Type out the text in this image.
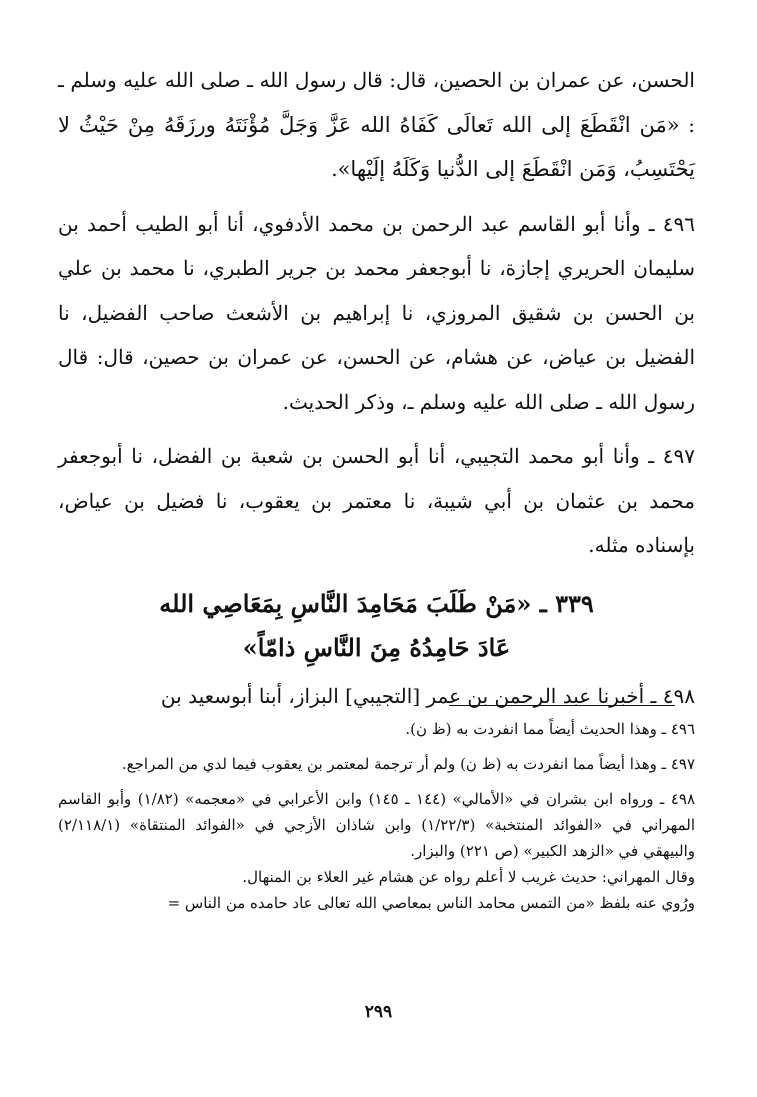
الحسن، عن عمران بن الحصين، قال: قال رسول الله ـ صلى الله عليه وسلم ـ : «مَن انْقَطَعَ إلى الله تَعالَى كَفَاهُ الله عَزَّ وَجَلَّ مُؤْنَتَهُ ورزَقَهُ مِنْ حَيْثُ لا يَحْتَسِبُ، وَمَن انْقَطَعَ إلى الدُّنيا وَكَلَهُ إلَيْها».

٤٩٦ ـ وأنا أبو القاسم عبد الرحمن بن محمد الأدفوي، أنا أبو الطيب أحمد بن سليمان الحريري إجازة، نا أبوجعفر محمد بن جرير الطبري، نا محمد بن علي بن الحسن بن شقيق المروزي، نا إبراهيم بن الأشعث صاحب الفضيل، نا الفضيل بن عياض، عن هشام، عن الحسن، عن عمران بن حصين، قال: قال رسول الله ـ صلى الله عليه وسلم ـ، وذكر الحديث.

٤٩٧ ـ وأنا أبو محمد التجيبي، أنا أبو الحسن بن شعبة بن الفضل، نا أبوجعفر محمد بن عثمان بن أبي شيبة، نا معتمر بن يعقوب، نا فضيل بن عياض، بإسناده مثله.

٣٣٩ ـ «مَنْ طَلَبَ مَحَامِدَ النَّاسِ بِمَعَاصِي الله
عَادَ حَامِدُهُ مِنَ النَّاسِ ذامّاً»

٤٩٨ ـ أخبرنا عبد الرحمن بن عمر [التجيبي] البزاز، أبنا أبوسعيد بن

٤٩٦ ـ وهذا الحديث أيضاً مما انفردت به (ظ ن).

٤٩٧ ـ وهذا أيضاً مما انفردت به (ظ ن) ولم أر ترجمة لمعتمر بن يعقوب فيما لدي من المراجع.

٤٩٨ ـ ورواه ابن بشران في «الأمالي» (١٤٤ ـ ١٤٥) وابن الأعرابي في «معجمه» (١/٨٢) وأبو القاسم المهراني في «الفوائد المنتخبة» (١/٢٢/٣) وابن شاذان الأزجي في «الفوائد المنتقاة» (٢/١١٨/١) والبيهقي في «الزهد الكبير» (ص ٢٢١) والبزار.

وقال المهراني: حديث غريب لا أعلم رواه عن هشام غير العلاء بن المنهال.

ورُوي عنه بلفظ «من التمس محامد الناس بمعاصي الله تعالى عاد حامده من الناس =

٢٩٩
